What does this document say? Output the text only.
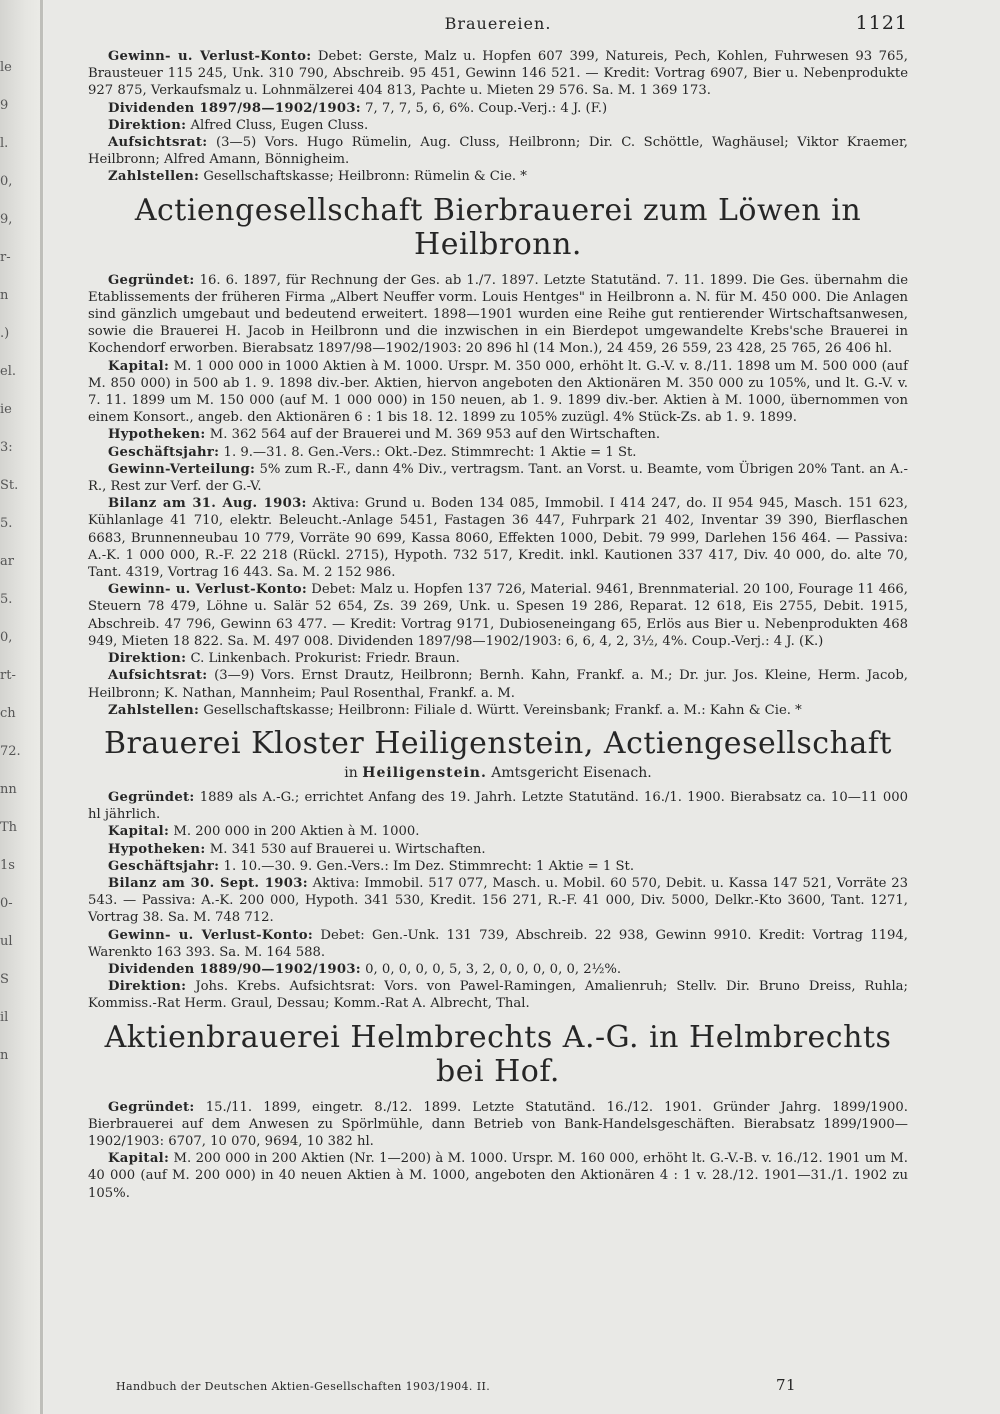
le
9
l.
0,
9,
r-
n
.)
el.
ie
3:
St.
5.
ar
5.
0,
rt-
ch
72.
nn
Th
1s
0-
ul
S
il
n
Brauereien.	1121

Gewinn- u. Verlust-Konto: Debet: Gerste, Malz u. Hopfen 607 399, Natureis, Pech, Kohlen, Fuhrwesen 93 765, Brausteuer 115 245, Unk. 310 790, Abschreib. 95 451, Gewinn 146 521. — Kredit: Vortrag 6907, Bier u. Nebenprodukte 927 875, Verkaufsmalz u. Lohnmälzerei 404 813, Pachte u. Mieten 29 576. Sa. M. 1 369 173.

Dividenden 1897/98—1902/1903: 7, 7, 7, 5, 6, 6%. Coup.-Verj.: 4 J. (F.)

Direktion: Alfred Cluss, Eugen Cluss.

Aufsichtsrat: (3—5) Vors. Hugo Rümelin, Aug. Cluss, Heilbronn; Dir. C. Schöttle, Waghäusel; Viktor Kraemer, Heilbronn; Alfred Amann, Bönnigheim.

Zahlstellen: Gesellschaftskasse; Heilbronn: Rümelin & Cie. *

Actiengesellschaft Bierbrauerei zum Löwen in Heilbronn.

Gegründet: 16. 6. 1897, für Rechnung der Ges. ab 1./7. 1897. Letzte Statutänd. 7. 11. 1899. Die Ges. übernahm die Etablissements der früheren Firma „Albert Neuffer vorm. Louis Hentges" in Heilbronn a. N. für M. 450 000. Die Anlagen sind gänzlich umgebaut und bedeutend erweitert. 1898—1901 wurden eine Reihe gut rentierender Wirtschaftsanwesen, sowie die Brauerei H. Jacob in Heilbronn und die inzwischen in ein Bierdepot umgewandelte Krebs'sche Brauerei in Kochendorf erworben. Bierabsatz 1897/98—1902/1903: 20 896 hl (14 Mon.), 24 459, 26 559, 23 428, 25 765, 26 406 hl.

Kapital: M. 1 000 000 in 1000 Aktien à M. 1000. Urspr. M. 350 000, erhöht lt. G.-V. v. 8./11. 1898 um M. 500 000 (auf M. 850 000) in 500 ab 1. 9. 1898 div.-ber. Aktien, hiervon angeboten den Aktionären M. 350 000 zu 105%, und lt. G.-V. v. 7. 11. 1899 um M. 150 000 (auf M. 1 000 000) in 150 neuen, ab 1. 9. 1899 div.-ber. Aktien à M. 1000, übernommen von einem Konsort., angeb. den Aktionären 6 : 1 bis 18. 12. 1899 zu 105% zuzügl. 4% Stück-Zs. ab 1. 9. 1899.

Hypotheken: M. 362 564 auf der Brauerei und M. 369 953 auf den Wirtschaften.

Geschäftsjahr: 1. 9.—31. 8. Gen.-Vers.: Okt.-Dez. Stimmrecht: 1 Aktie = 1 St.

Gewinn-Verteilung: 5% zum R.-F., dann 4% Div., vertragsm. Tant. an Vorst. u. Beamte, vom Übrigen 20% Tant. an A.-R., Rest zur Verf. der G.-V.

Bilanz am 31. Aug. 1903: Aktiva: Grund u. Boden 134 085, Immobil. I 414 247, do. II 954 945, Masch. 151 623, Kühlanlage 41 710, elektr. Beleucht.-Anlage 5451, Fastagen 36 447, Fuhrpark 21 402, Inventar 39 390, Bierflaschen 6683, Brunnenneubau 10 779, Vorräte 90 699, Kassa 8060, Effekten 1000, Debit. 79 999, Darlehen 156 464. — Passiva: A.-K. 1 000 000, R.-F. 22 218 (Rückl. 2715), Hypoth. 732 517, Kredit. inkl. Kautionen 337 417, Div. 40 000, do. alte 70, Tant. 4319, Vortrag 16 443. Sa. M. 2 152 986.

Gewinn- u. Verlust-Konto: Debet: Malz u. Hopfen 137 726, Material. 9461, Brennmaterial. 20 100, Fourage 11 466, Steuern 78 479, Löhne u. Salär 52 654, Zs. 39 269, Unk. u. Spesen 19 286, Reparat. 12 618, Eis 2755, Debit. 1915, Abschreib. 47 796, Gewinn 63 477. — Kredit: Vortrag 9171, Dubioseneingang 65, Erlös aus Bier u. Nebenprodukten 468 949, Mieten 18 822. Sa. M. 497 008. Dividenden 1897/98—1902/1903: 6, 6, 4, 2, 3½, 4%. Coup.-Verj.: 4 J. (K.)

Direktion: C. Linkenbach. Prokurist: Friedr. Braun.

Aufsichtsrat: (3—9) Vors. Ernst Drautz, Heilbronn; Bernh. Kahn, Frankf. a. M.; Dr. jur. Jos. Kleine, Herm. Jacob, Heilbronn; K. Nathan, Mannheim; Paul Rosenthal, Frankf. a. M.

Zahlstellen: Gesellschaftskasse; Heilbronn: Filiale d. Württ. Vereinsbank; Frankf. a. M.: Kahn & Cie. *

Brauerei Kloster Heiligenstein, Actiengesellschaft
in Heiligenstein. Amtsgericht Eisenach.

Gegründet: 1889 als A.-G.; errichtet Anfang des 19. Jahrh. Letzte Statutänd. 16./1. 1900. Bierabsatz ca. 10—11 000 hl jährlich.

Kapital: M. 200 000 in 200 Aktien à M. 1000.

Hypotheken: M. 341 530 auf Brauerei u. Wirtschaften.

Geschäftsjahr: 1. 10.—30. 9. Gen.-Vers.: Im Dez. Stimmrecht: 1 Aktie = 1 St.

Bilanz am 30. Sept. 1903: Aktiva: Immobil. 517 077, Masch. u. Mobil. 60 570, Debit. u. Kassa 147 521, Vorräte 23 543. — Passiva: A.-K. 200 000, Hypoth. 341 530, Kredit. 156 271, R.-F. 41 000, Div. 5000, Delkr.-Kto 3600, Tant. 1271, Vortrag 38. Sa. M. 748 712.

Gewinn- u. Verlust-Konto: Debet: Gen.-Unk. 131 739, Abschreib. 22 938, Gewinn 9910. Kredit: Vortrag 1194, Warenkto 163 393. Sa. M. 164 588.

Dividenden 1889/90—1902/1903: 0, 0, 0, 0, 0, 5, 3, 2, 0, 0, 0, 0, 0, 2½%.

Direktion: Johs. Krebs. Aufsichtsrat: Vors. von Pawel-Ramingen, Amalienruh; Stellv. Dir. Bruno Dreiss, Ruhla; Kommiss.-Rat Herm. Graul, Dessau; Komm.-Rat A. Albrecht, Thal.

Aktienbrauerei Helmbrechts A.-G. in Helmbrechts bei Hof.

Gegründet: 15./11. 1899, eingetr. 8./12. 1899. Letzte Statutänd. 16./12. 1901. Gründer Jahrg. 1899/1900. Bierbrauerei auf dem Anwesen zu Spörlmühle, dann Betrieb von Bank-Handelsgeschäften. Bierabsatz 1899/1900—1902/1903: 6707, 10 070, 9694, 10 382 hl.

Kapital: M. 200 000 in 200 Aktien (Nr. 1—200) à M. 1000. Urspr. M. 160 000, erhöht lt. G.-V.-B. v. 16./12. 1901 um M. 40 000 (auf M. 200 000) in 40 neuen Aktien à M. 1000, angeboten den Aktionären 4 : 1 v. 28./12. 1901—31./1. 1902 zu 105%.

Handbuch der Deutschen Aktien-Gesellschaften 1903/1904. II.	71
